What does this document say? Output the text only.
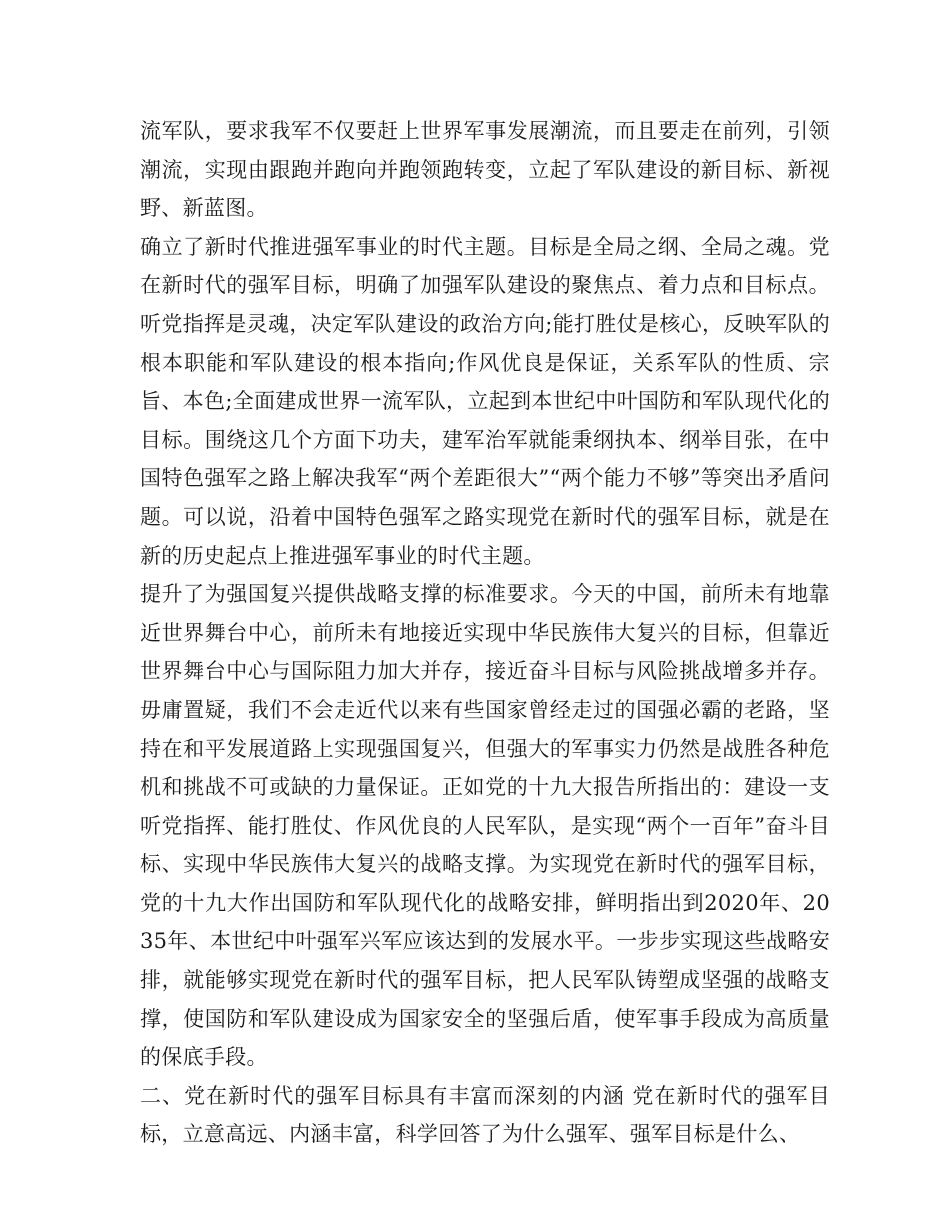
流军队，要求我军不仅要赶上世界军事发展潮流，而且要走在前列，引领潮流，实现由跟跑并跑向并跑领跑转变，立起了军队建设的新目标、新视野、新蓝图。

确立了新时代推进强军事业的时代主题。目标是全局之纲、全局之魂。党在新时代的强军目标，明确了加强军队建设的聚焦点、着力点和目标点。听党指挥是灵魂，决定军队建设的政治方向;能打胜仗是核心，反映军队的根本职能和军队建设的根本指向;作风优良是保证，关系军队的性质、宗旨、本色;全面建成世界一流军队，立起到本世纪中叶国防和军队现代化的目标。围绕这几个方面下功夫，建军治军就能秉纲执本、纲举目张，在中国特色强军之路上解决我军“两个差距很大”“两个能力不够”等突出矛盾问题。可以说，沿着中国特色强军之路实现党在新时代的强军目标，就是在新的历史起点上推进强军事业的时代主题。

提升了为强国复兴提供战略支撑的标准要求。今天的中国，前所未有地靠近世界舞台中心，前所未有地接近实现中华民族伟大复兴的目标，但靠近世界舞台中心与国际阻力加大并存，接近奋斗目标与风险挑战增多并存。毋庸置疑，我们不会走近代以来有些国家曾经走过的国强必霸的老路，坚持在和平发展道路上实现强国复兴，但强大的军事实力仍然是战胜各种危机和挑战不可或缺的力量保证。正如党的十九大报告所指出的：建设一支听党指挥、能打胜仗、作风优良的人民军队，是实现“两个一百年”奋斗目标、实现中华民族伟大复兴的战略支撑。为实现党在新时代的强军目标，党的十九大作出国防和军队现代化的战略安排，鲜明指出到2020年、2035年、本世纪中叶强军兴军应该达到的发展水平。一步步实现这些战略安排，就能够实现党在新时代的强军目标，把人民军队铸塑成坚强的战略支撑，使国防和军队建设成为国家安全的坚强后盾，使军事手段成为高质量的保底手段。

二、党在新时代的强军目标具有丰富而深刻的内涵 党在新时代的强军目标，立意高远、内涵丰富，科学回答了为什么强军、强军目标是什么、
